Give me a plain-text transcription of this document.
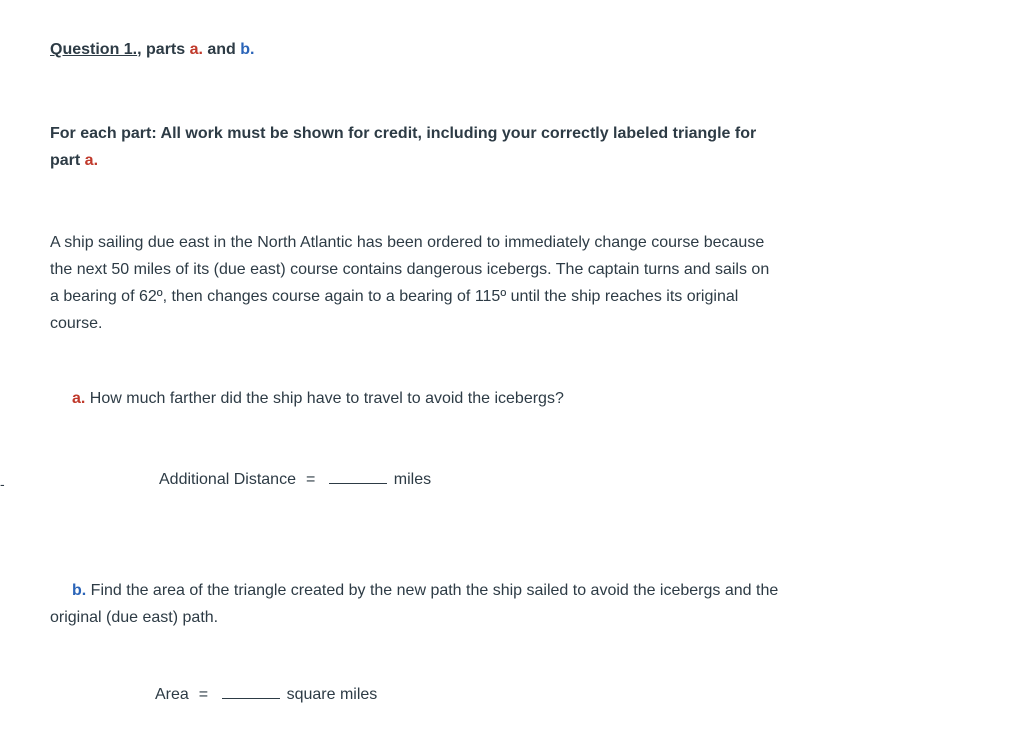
-
Question 1., parts a. and b.
For each part: All work must be shown for credit, including your correctly labeled triangle for part a.
A ship sailing due east in the North Atlantic has been ordered to immediately change course because the next 50 miles of its (due east) course contains dangerous icebergs. The captain turns and sails on a bearing of 62º, then changes course again to a bearing of 115º until the ship reaches its original course.
a. How much farther did the ship have to travel to avoid the icebergs?
Additional Distance =	miles
b. Find the area of the triangle created by the new path the ship sailed to avoid the icebergs and the original (due east) path.
Area =	square miles
